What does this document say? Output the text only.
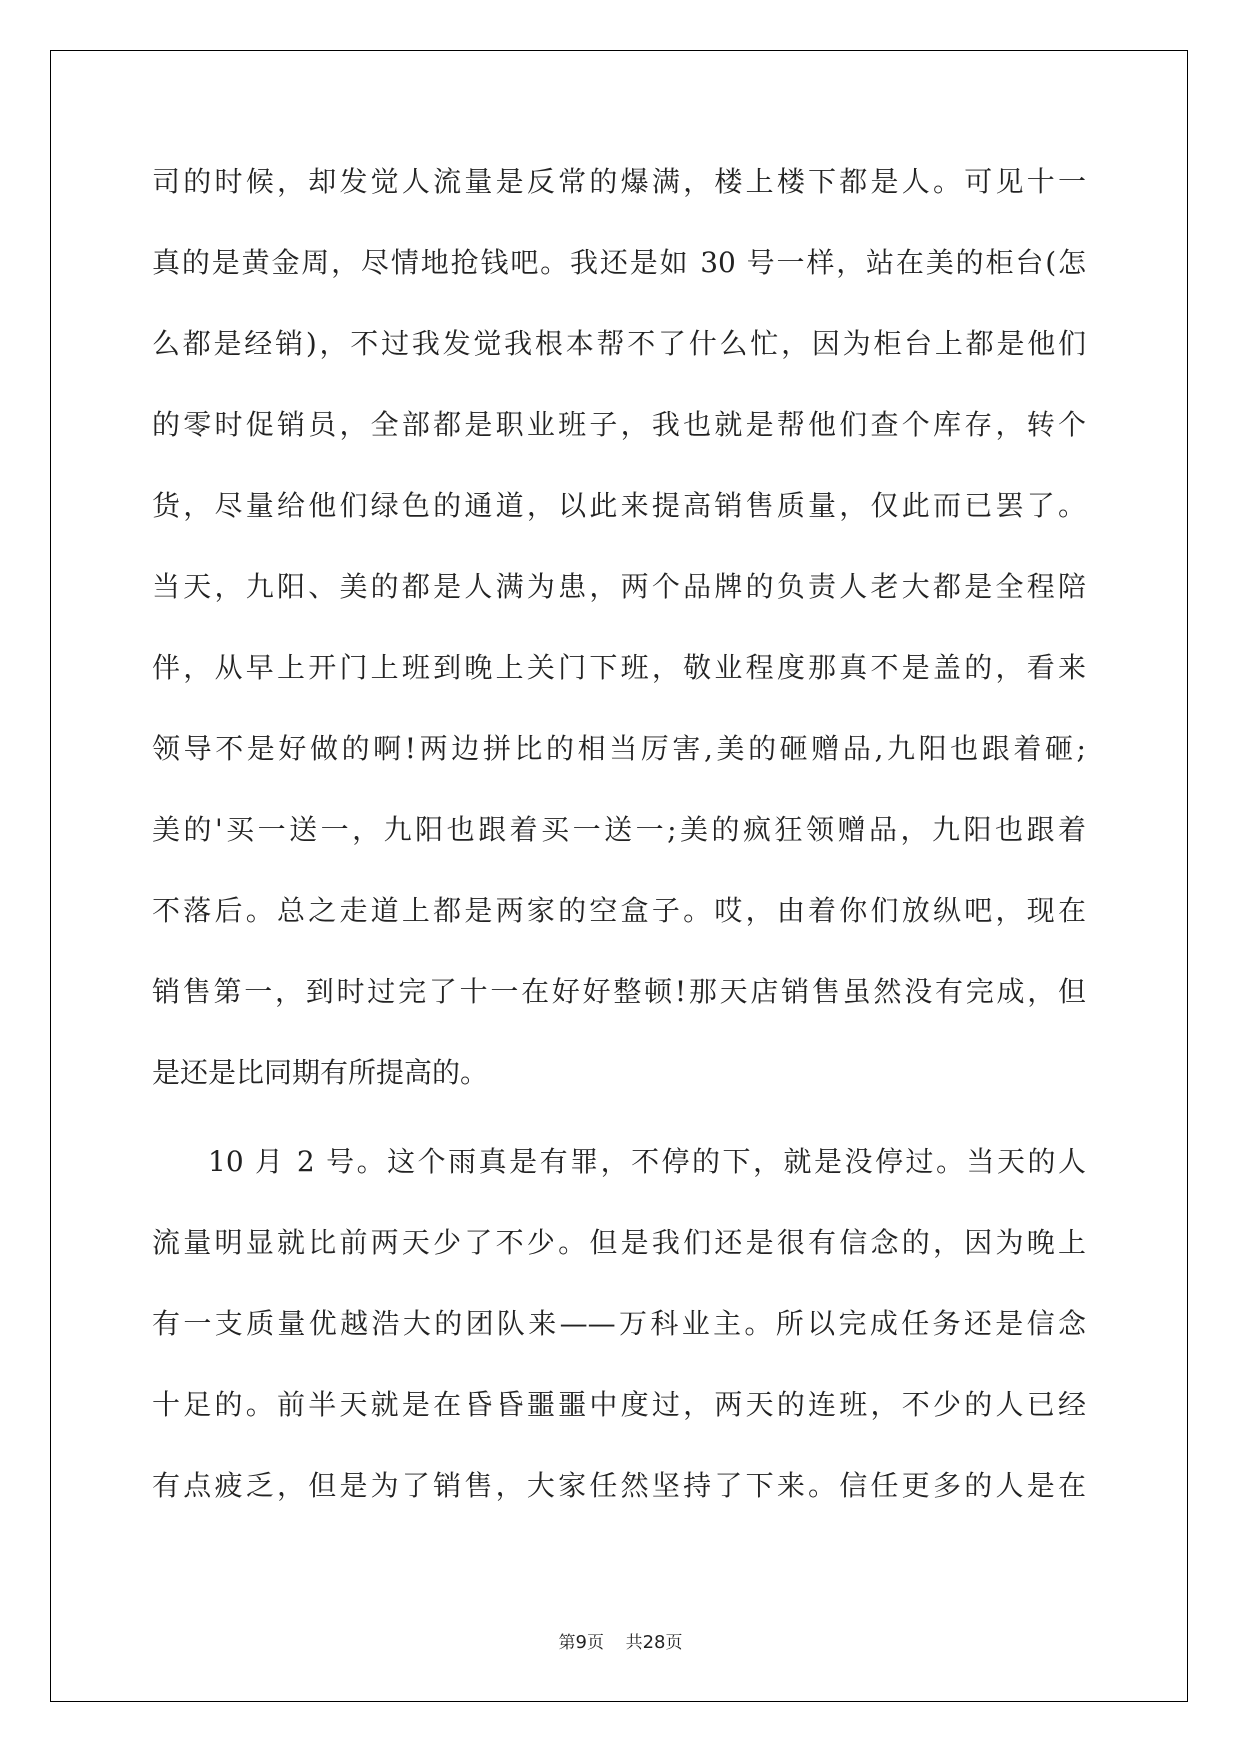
司的时候，却发觉人流量是反常的爆满，楼上楼下都是人。可见十一
真的是黄金周，尽情地抢钱吧。我还是如 30 号一样，站在美的柜台(怎
么都是经销)，不过我发觉我根本帮不了什么忙，因为柜台上都是他们
的零时促销员，全部都是职业班子，我也就是帮他们查个库存，转个
货，尽量给他们绿色的通道，以此来提高销售质量，仅此而已罢了。
当天，九阳、美的都是人满为患，两个品牌的负责人老大都是全程陪
伴，从早上开门上班到晚上关门下班，敬业程度那真不是盖的，看来
领导不是好做的啊!两边拼比的相当厉害,美的砸赠品,九阳也跟着砸;
美的'买一送一，九阳也跟着买一送一;美的疯狂领赠品，九阳也跟着
不落后。总之走道上都是两家的空盒子。哎，由着你们放纵吧，现在
销售第一，到时过完了十一在好好整顿!那天店销售虽然没有完成，但
是还是比同期有所提高的。
10 月 2 号。这个雨真是有罪，不停的下，就是没停过。当天的人
流量明显就比前两天少了不少。但是我们还是很有信念的，因为晚上
有一支质量优越浩大的团队来——万科业主。所以完成任务还是信念
十足的。前半天就是在昏昏噩噩中度过，两天的连班，不少的人已经
有点疲乏，但是为了销售，大家任然坚持了下来。信任更多的人是在
第9页 共28页
